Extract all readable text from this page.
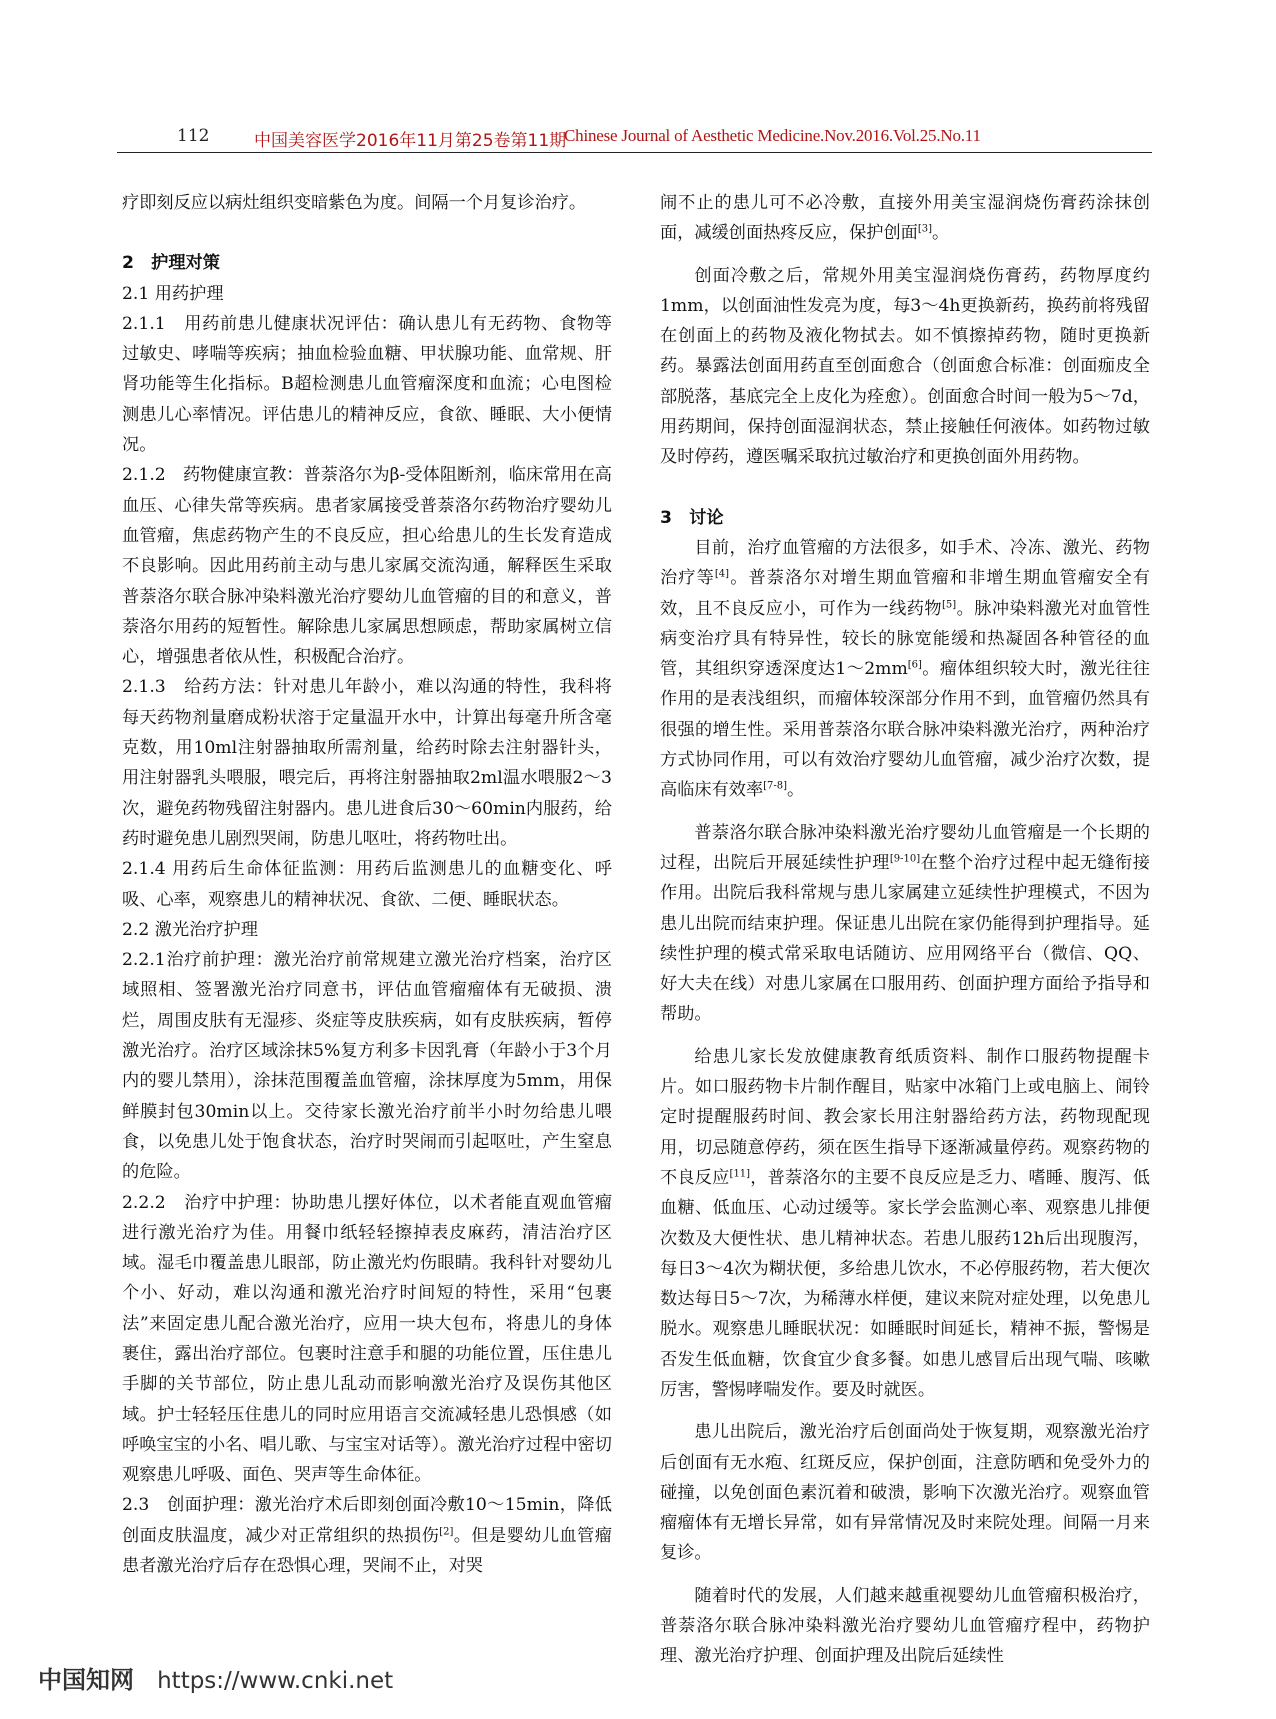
112	中国美容医学2016年11月第25卷第11期
Chinese Journal of Aesthetic Medicine.Nov.2016.Vol.25.No.11

疗即刻反应以病灶组织变暗紫色为度。间隔一个月复诊治疗。

2　护理对策
2.1 用药护理

2.1.1　用药前患儿健康状况评估：确认患儿有无药物、食物等过敏史、哮喘等疾病；抽血检验血糖、甲状腺功能、血常规、肝肾功能等生化指标。B超检测患儿血管瘤深度和血流；心电图检测患儿心率情况。评估患儿的精神反应，食欲、睡眠、大小便情况。

2.1.2　药物健康宣教：普萘洛尔为β-受体阻断剂，临床常用在高血压、心律失常等疾病。患者家属接受普萘洛尔药物治疗婴幼儿血管瘤，焦虑药物产生的不良反应，担心给患儿的生长发育造成不良影响。因此用药前主动与患儿家属交流沟通，解释医生采取普萘洛尔联合脉冲染料激光治疗婴幼儿血管瘤的目的和意义，普萘洛尔用药的短暂性。解除患儿家属思想顾虑，帮助家属树立信心，增强患者依从性，积极配合治疗。

2.1.3　给药方法：针对患儿年龄小，难以沟通的特性，我科将每天药物剂量磨成粉状溶于定量温开水中，计算出每毫升所含毫克数，用10ml注射器抽取所需剂量，给药时除去注射器针头，用注射器乳头喂服，喂完后，再将注射器抽取2ml温水喂服2～3次，避免药物残留注射器内。患儿进食后30～60min内服药，给药时避免患儿剧烈哭闹，防患儿呕吐，将药物吐出。

2.1.4 用药后生命体征监测：用药后监测患儿的血糖变化、呼吸、心率，观察患儿的精神状况、食欲、二便、睡眠状态。

2.2 激光治疗护理

2.2.1治疗前护理：激光治疗前常规建立激光治疗档案，治疗区域照相、签署激光治疗同意书，评估血管瘤瘤体有无破损、溃烂，周围皮肤有无湿疹、炎症等皮肤疾病，如有皮肤疾病，暂停激光治疗。治疗区域涂抹5%复方利多卡因乳膏（年龄小于3个月内的婴儿禁用），涂抹范围覆盖血管瘤，涂抹厚度为5mm，用保鲜膜封包30min以上。交待家长激光治疗前半小时勿给患儿喂食，以免患儿处于饱食状态，治疗时哭闹而引起呕吐，产生窒息的危险。

2.2.2　治疗中护理：协助患儿摆好体位，以术者能直观血管瘤进行激光治疗为佳。用餐巾纸轻轻擦掉表皮麻药，清洁治疗区域。湿毛巾覆盖患儿眼部，防止激光灼伤眼睛。我科针对婴幼儿个小、好动，难以沟通和激光治疗时间短的特性，采用“包裹法”来固定患儿配合激光治疗，应用一块大包布，将患儿的身体裹住，露出治疗部位。包裹时注意手和腿的功能位置，压住患儿手脚的关节部位，防止患儿乱动而影响激光治疗及误伤其他区域。护士轻轻压住患儿的同时应用语言交流减轻患儿恐惧感（如呼唤宝宝的小名、唱儿歌、与宝宝对话等）。激光治疗过程中密切观察患儿呼吸、面色、哭声等生命体征。

2.3　创面护理：激光治疗术后即刻创面冷敷10～15min，降低创面皮肤温度，减少对正常组织的热损伤[2]。但是婴幼儿血管瘤患者激光治疗后存在恐惧心理，哭闹不止，对哭

闹不止的患儿可不必冷敷，直接外用美宝湿润烧伤膏药涂抹创面，减缓创面热疼反应，保护创面[3]。

创面冷敷之后，常规外用美宝湿润烧伤膏药，药物厚度约1mm，以创面油性发亮为度，每3～4h更换新药，换药前将残留在创面上的药物及液化物拭去。如不慎擦掉药物，随时更换新药。暴露法创面用药直至创面愈合（创面愈合标准：创面痂皮全部脱落，基底完全上皮化为痊愈）。创面愈合时间一般为5～7d，用药期间，保持创面湿润状态，禁止接触任何液体。如药物过敏及时停药，遵医嘱采取抗过敏治疗和更换创面外用药物。

3　讨论

目前，治疗血管瘤的方法很多，如手术、冷冻、激光、药物治疗等[4]。普萘洛尔对增生期血管瘤和非增生期血管瘤安全有效，且不良反应小，可作为一线药物[5]。脉冲染料激光对血管性病变治疗具有特异性，较长的脉宽能缓和热凝固各种管径的血管，其组织穿透深度达1～2mm[6]。瘤体组织较大时，激光往往作用的是表浅组织，而瘤体较深部分作用不到，血管瘤仍然具有很强的增生性。采用普萘洛尔联合脉冲染料激光治疗，两种治疗方式协同作用，可以有效治疗婴幼儿血管瘤，减少治疗次数，提高临床有效率[7-8]。

普萘洛尔联合脉冲染料激光治疗婴幼儿血管瘤是一个长期的过程，出院后开展延续性护理[9-10]在整个治疗过程中起无缝衔接作用。出院后我科常规与患儿家属建立延续性护理模式，不因为患儿出院而结束护理。保证患儿出院在家仍能得到护理指导。延续性护理的模式常采取电话随访、应用网络平台（微信、QQ、好大夫在线）对患儿家属在口服用药、创面护理方面给予指导和帮助。

给患儿家长发放健康教育纸质资料、制作口服药物提醒卡片。如口服药物卡片制作醒目，贴家中冰箱门上或电脑上、闹铃定时提醒服药时间、教会家长用注射器给药方法，药物现配现用，切忌随意停药，须在医生指导下逐渐减量停药。观察药物的不良反应[11]，普萘洛尔的主要不良反应是乏力、嗜睡、腹泻、低血糖、低血压、心动过缓等。家长学会监测心率、观察患儿排便次数及大便性状、患儿精神状态。若患儿服药12h后出现腹泻，每日3～4次为糊状便，多给患儿饮水，不必停服药物，若大便次数达每日5～7次，为稀薄水样便，建议来院对症处理，以免患儿脱水。观察患儿睡眠状况：如睡眠时间延长，精神不振，警惕是否发生低血糖，饮食宜少食多餐。如患儿感冒后出现气喘、咳嗽厉害，警惕哮喘发作。要及时就医。

患儿出院后，激光治疗后创面尚处于恢复期，观察激光治疗后创面有无水疱、红斑反应，保护创面，注意防晒和免受外力的碰撞，以免创面色素沉着和破溃，影响下次激光治疗。观察血管瘤瘤体有无增长异常，如有异常情况及时来院处理。间隔一月来复诊。

随着时代的发展，人们越来越重视婴幼儿血管瘤积极治疗，普萘洛尔联合脉冲染料激光治疗婴幼儿血管瘤疗程中，药物护理、激光治疗护理、创面护理及出院后延续性

中国知网 https://www.cnki.net
